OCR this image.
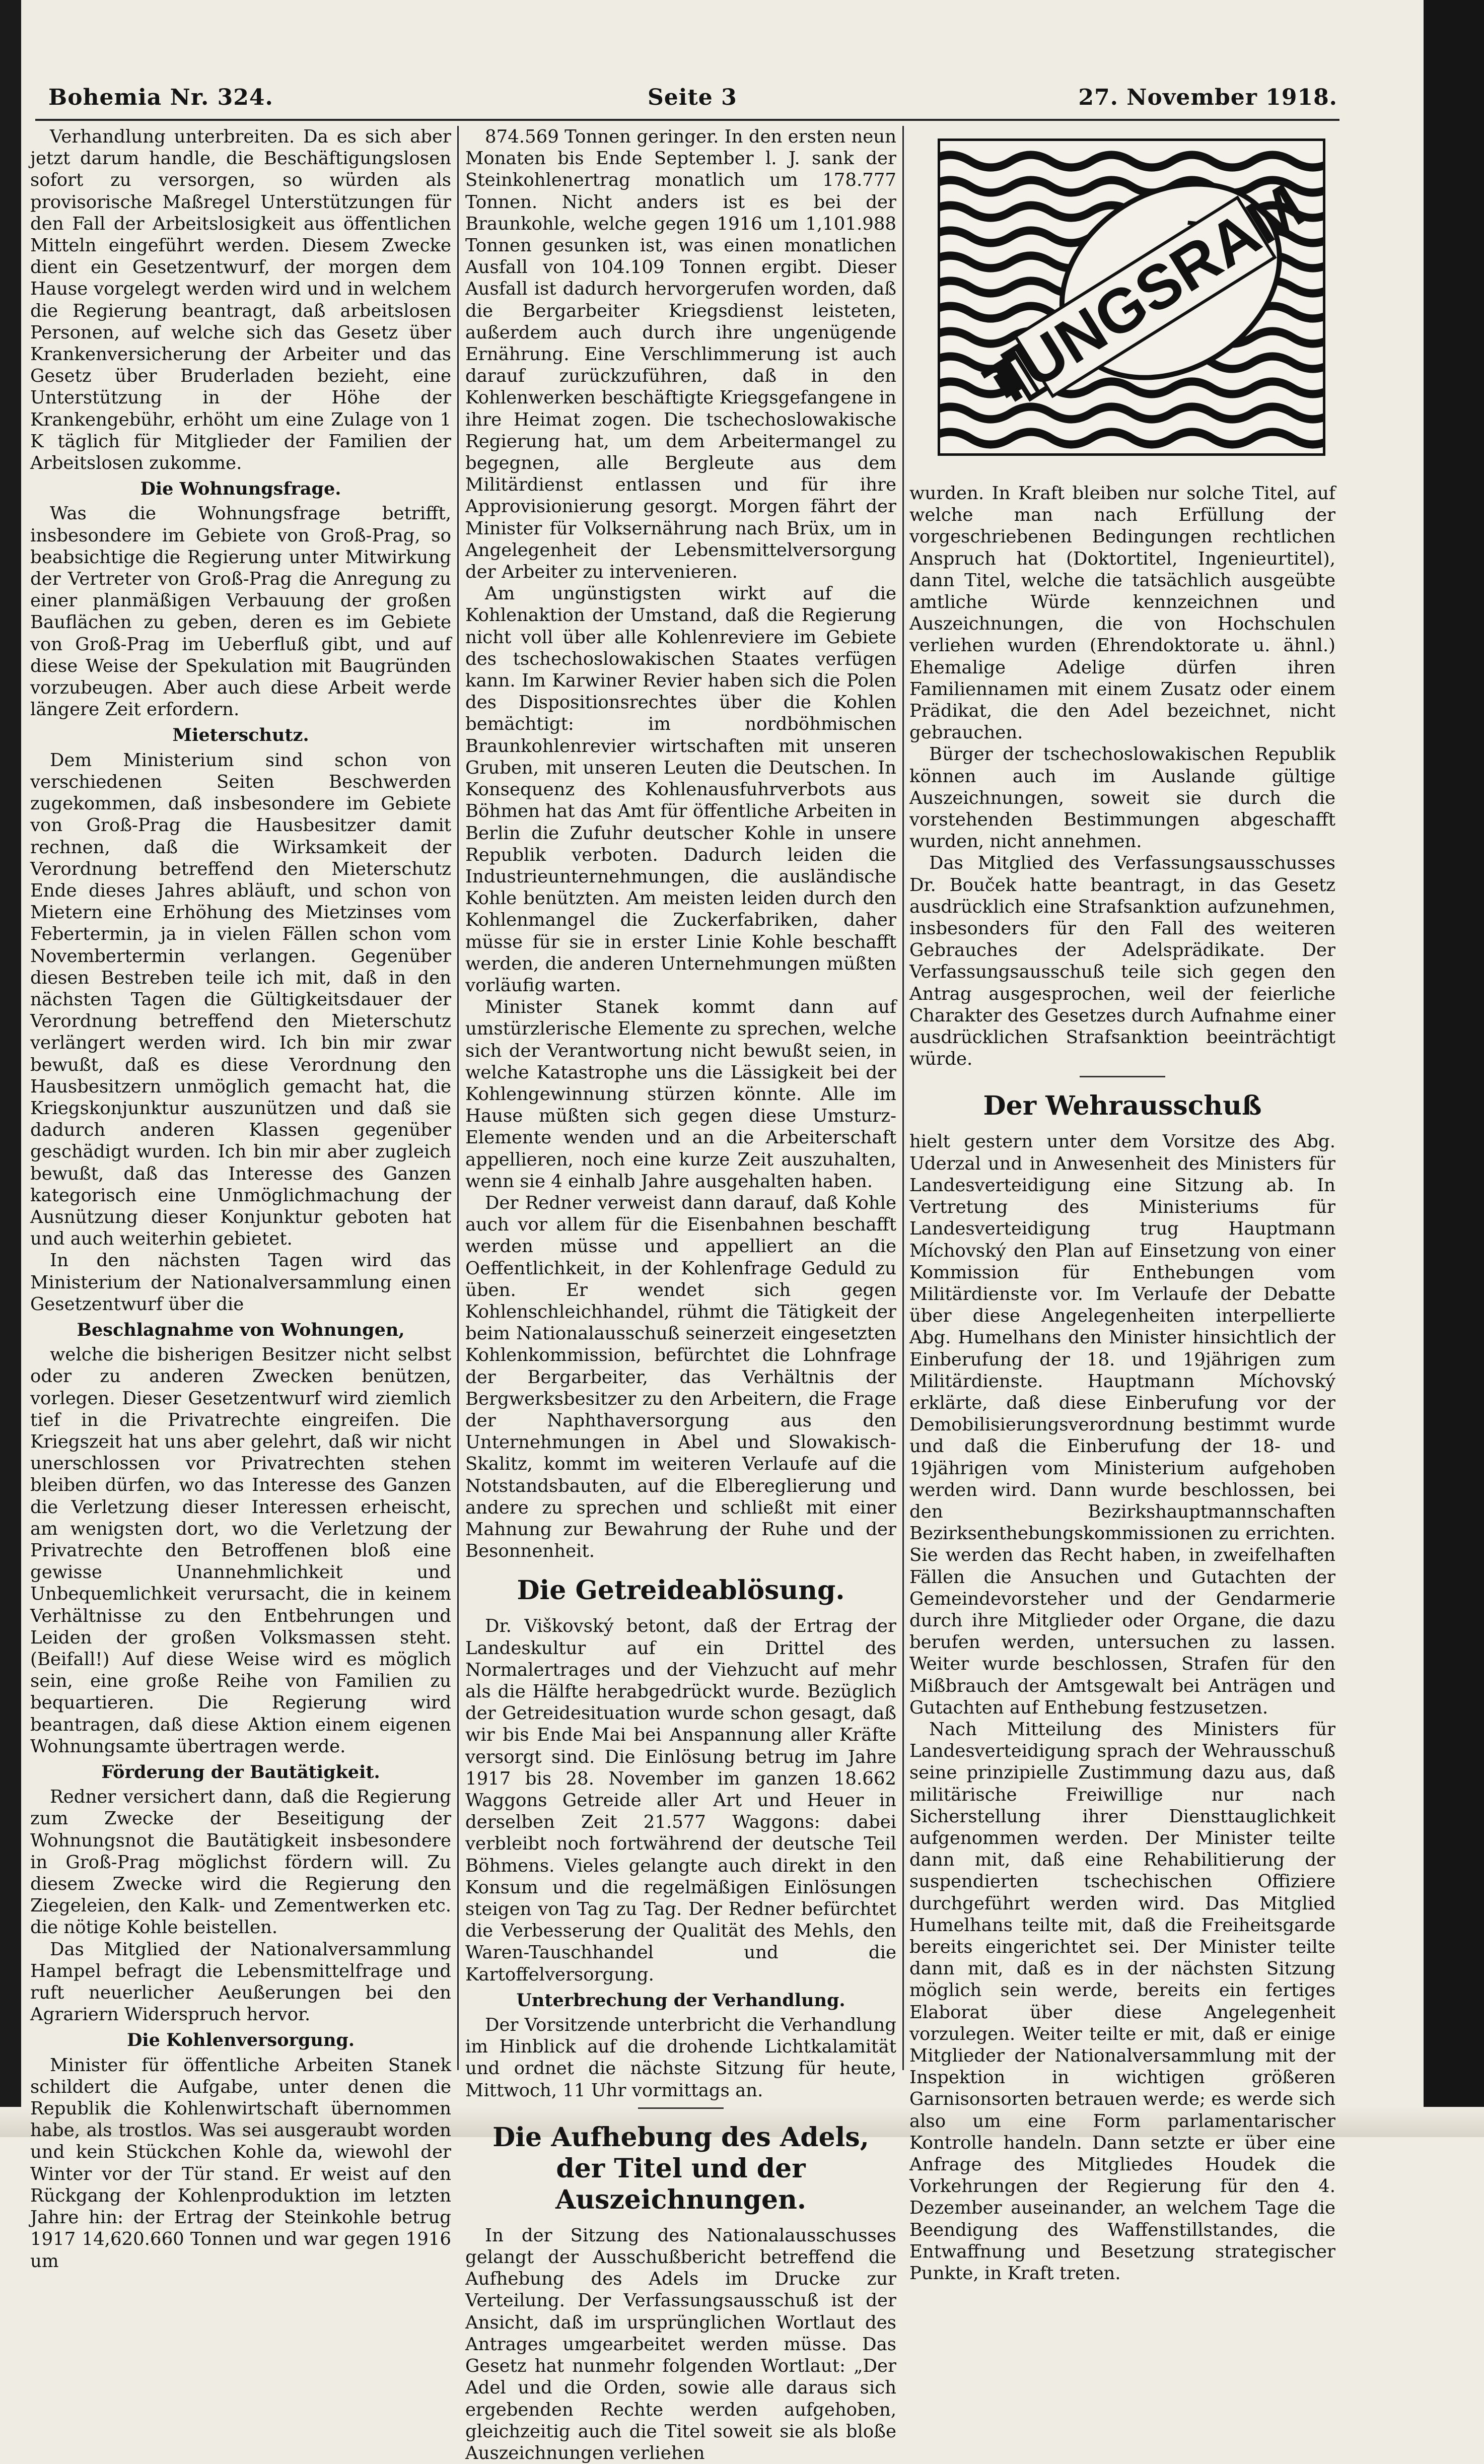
Bohemia Nr. 324.	Seite 3	27. November 1918.

Verhandlung unterbreiten. Da es sich aber jetzt darum handle, die Beschäftigungslosen sofort zu versorgen, so würden als provisorische Maßregel Unterstützungen für den Fall der Arbeitslosigkeit aus öffentlichen Mitteln eingeführt werden. Diesem Zwecke dient ein Gesetzentwurf, der morgen dem Hause vorgelegt werden wird und in welchem die Regierung beantragt, daß arbeitslosen Personen, auf welche sich das Gesetz über Krankenversicherung der Arbeiter und das Gesetz über Bruderladen bezieht, eine Unterstützung in der Höhe der Krankengebühr, erhöht um eine Zulage von 1 K täglich für Mitglieder der Familien der Arbeitslosen zukomme.

Die Wohnungsfrage.

Was die Wohnungsfrage betrifft, insbesondere im Gebiete von Groß-Prag, so beabsichtige die Regierung unter Mitwirkung der Vertreter von Groß-Prag die Anregung zu einer planmäßigen Verbauung der großen Bauflächen zu geben, deren es im Gebiete von Groß-Prag im Ueberfluß gibt, und auf diese Weise der Spekulation mit Baugründen vorzubeugen. Aber auch diese Arbeit werde längere Zeit erfordern.

Mieterschutz.

Dem Ministerium sind schon von verschiedenen Seiten Beschwerden zugekommen, daß insbesondere im Gebiete von Groß-Prag die Hausbesitzer damit rechnen, daß die Wirksamkeit der Verordnung betreffend den Mieterschutz Ende dieses Jahres abläuft, und schon von Mietern eine Erhöhung des Mietzinses vom Febertermin, ja in vielen Fällen schon vom Novembertermin verlangen. Gegenüber diesen Bestreben teile ich mit, daß in den nächsten Tagen die Gültigkeitsdauer der Verordnung betreffend den Mieterschutz verlängert werden wird. Ich bin mir zwar bewußt, daß es diese Verordnung den Hausbesitzern unmöglich gemacht hat, die Kriegskonjunktur auszunützen und daß sie dadurch anderen Klassen gegenüber geschädigt wurden. Ich bin mir aber zugleich bewußt, daß das Interesse des Ganzen kategorisch eine Unmöglichmachung der Ausnützung dieser Konjunktur geboten hat und auch weiterhin gebietet.

In den nächsten Tagen wird das Ministerium der Nationalversammlung einen Gesetzentwurf über die

Beschlagnahme von Wohnungen,

welche die bisherigen Besitzer nicht selbst oder zu anderen Zwecken benützen, vorlegen. Dieser Gesetzentwurf wird ziemlich tief in die Privatrechte eingreifen. Die Kriegszeit hat uns aber gelehrt, daß wir nicht unerschlossen vor Privatrechten stehen bleiben dürfen, wo das Interesse des Ganzen die Verletzung dieser Interessen erheischt, am wenigsten dort, wo die Verletzung der Privatrechte den Betroffenen bloß eine gewisse Unannehmlichkeit und Unbequemlichkeit verursacht, die in keinem Verhältnisse zu den Entbehrungen und Leiden der großen Volksmassen steht. (Beifall!) Auf diese Weise wird es möglich sein, eine große Reihe von Familien zu bequartieren. Die Regierung wird beantragen, daß diese Aktion einem eigenen Wohnungsamte übertragen werde.

Förderung der Bautätigkeit.

Redner versichert dann, daß die Regierung zum Zwecke der Beseitigung der Wohnungsnot die Bautätigkeit insbesondere in Groß-Prag möglichst fördern will. Zu diesem Zwecke wird die Regierung den Ziegeleien, den Kalk- und Zementwerken etc. die nötige Kohle beistellen.

Das Mitglied der Nationalversammlung Hampel befragt die Lebensmittelfrage und ruft neuerlicher Aeußerungen bei den Agrariern Widerspruch hervor.

Die Kohlenversorgung.

Minister für öffentliche Arbeiten Stanek schildert die Aufgabe, unter denen die Republik die Kohlenwirtschaft übernommen habe, als trostlos. Was sei ausgeraubt worden und kein Stückchen Kohle da, wiewohl der Winter vor der Tür stand. Er weist auf den Rückgang der Kohlenproduktion im letzten Jahre hin: der Ertrag der Steinkohle betrug 1917 14,620.660 Tonnen und war gegen 1916 um

874.569 Tonnen geringer. In den ersten neun Monaten bis Ende September l. J. sank der Steinkohlenertrag monatlich um 178.777 Tonnen. Nicht anders ist es bei der Braunkohle, welche gegen 1916 um 1,101.988 Tonnen gesunken ist, was einen monatlichen Ausfall von 104.109 Tonnen ergibt. Dieser Ausfall ist dadurch hervorgerufen worden, daß die Bergarbeiter Kriegsdienst leisteten, außerdem auch durch ihre ungenügende Ernährung. Eine Verschlimmerung ist auch darauf zurückzuführen, daß in den Kohlenwerken beschäftigte Kriegsgefangene in ihre Heimat zogen. Die tschechoslowakische Regierung hat, um dem Arbeitermangel zu begegnen, alle Bergleute aus dem Militärdienst entlassen und für ihre Approvisionierung gesorgt. Morgen fährt der Minister für Volksernährung nach Brüx, um in Angelegenheit der Lebensmittelversorgung der Arbeiter zu intervenieren.

Am ungünstigsten wirkt auf die Kohlenaktion der Umstand, daß die Regierung nicht voll über alle Kohlenreviere im Gebiete des tschechoslowakischen Staates verfügen kann. Im Karwiner Revier haben sich die Polen des Dispositionsrechtes über die Kohlen bemächtigt: im nordböhmischen Braunkohlenrevier wirtschaften mit unseren Gruben, mit unseren Leuten die Deutschen. In Konsequenz des Kohlenausfuhrverbots aus Böhmen hat das Amt für öffentliche Arbeiten in Berlin die Zufuhr deutscher Kohle in unsere Republik verboten. Dadurch leiden die Industrieunternehmungen, die ausländische Kohle benützten. Am meisten leiden durch den Kohlenmangel die Zuckerfabriken, daher müsse für sie in erster Linie Kohle beschafft werden, die anderen Unternehmungen müßten vorläufig warten.

Minister Stanek kommt dann auf umstürzlerische Elemente zu sprechen, welche sich der Verantwortung nicht bewußt seien, in welche Katastrophe uns die Lässigkeit bei der Kohlengewinnung stürzen könnte. Alle im Hause müßten sich gegen diese Umsturz-Elemente wenden und an die Arbeiterschaft appellieren, noch eine kurze Zeit auszuhalten, wenn sie 4 einhalb Jahre ausgehalten haben.

Der Redner verweist dann darauf, daß Kohle auch vor allem für die Eisenbahnen beschafft werden müsse und appelliert an die Oeffentlichkeit, in der Kohlenfrage Geduld zu üben. Er wendet sich gegen Kohlenschleichhandel, rühmt die Tätigkeit der beim Nationalausschuß seinerzeit eingesetzten Kohlenkommission, befürchtet die Lohnfrage der Bergarbeiter, das Verhältnis der Bergwerksbesitzer zu den Arbeitern, die Frage der Naphthaversorgung aus den Unternehmungen in Abel und Slowakisch-Skalitz, kommt im weiteren Verlaufe auf die Notstandsbauten, auf die Elbereglierung und andere zu sprechen und schließt mit einer Mahnung zur Bewahrung der Ruhe und der Besonnenheit.

Die Getreideablösung.

Dr. Viškovský betont, daß der Ertrag der Landeskultur auf ein Drittel des Normalertrages und der Viehzucht auf mehr als die Hälfte herabgedrückt wurde. Bezüglich der Getreidesituation wurde schon gesagt, daß wir bis Ende Mai bei Anspannung aller Kräfte versorgt sind. Die Einlösung betrug im Jahre 1917 bis 28. November im ganzen 18.662 Waggons Getreide aller Art und Heuer in derselben Zeit 21.577 Waggons: dabei verbleibt noch fortwährend der deutsche Teil Böhmens. Vieles gelangte auch direkt in den Konsum und die regelmäßigen Einlösungen steigen von Tag zu Tag. Der Redner befürchtet die Verbesserung der Qualität des Mehls, den Waren-Tauschhandel und die Kartoffelversorgung.

Unterbrechung der Verhandlung.

Der Vorsitzende unterbricht die Verhandlung im Hinblick auf die drohende Lichtkalamität und ordnet die nächste Sitzung für heute, Mittwoch, 11 Uhr vormittags an.

Die Aufhebung des Adels, der Titel und der Auszeichnungen.

In der Sitzung des Nationalausschusses gelangt der Ausschußbericht betreffend die Aufhebung des Adels im Drucke zur Verteilung. Der Verfassungsausschuß ist der Ansicht, daß im ursprünglichen Wortlaut des Antrages umgearbeitet werden müsse. Das Gesetz hat nunmehr folgenden Wortlaut: „Der Adel und die Orden, sowie alle daraus sich ergebenden Rechte werden aufgehoben, gleichzeitig auch die Titel soweit sie als bloße Auszeichnungen verliehen

TUNGSRAM

wurden. In Kraft bleiben nur solche Titel, auf welche man nach Erfüllung der vorgeschriebenen Bedingungen rechtlichen Anspruch hat (Doktortitel, Ingenieurtitel), dann Titel, welche die tatsächlich ausgeübte amtliche Würde kennzeichnen und Auszeichnungen, die von Hochschulen verliehen wurden (Ehrendoktorate u. ähnl.) Ehemalige Adelige dürfen ihren Familiennamen mit einem Zusatz oder einem Prädikat, die den Adel bezeichnet, nicht gebrauchen.

Bürger der tschechoslowakischen Republik können auch im Auslande gültige Auszeichnungen, soweit sie durch die vorstehenden Bestimmungen abgeschafft wurden, nicht annehmen.

Das Mitglied des Verfassungsausschusses Dr. Bouček hatte beantragt, in das Gesetz ausdrücklich eine Strafsanktion aufzunehmen, insbesonders für den Fall des weiteren Gebrauches der Adelsprädikate. Der Verfassungsausschuß teile sich gegen den Antrag ausgesprochen, weil der feierliche Charakter des Gesetzes durch Aufnahme einer ausdrücklichen Strafsanktion beeinträchtigt würde.

Der Wehrausschuß

hielt gestern unter dem Vorsitze des Abg. Uderzal und in Anwesenheit des Ministers für Landesverteidigung eine Sitzung ab. In Vertretung des Ministeriums für Landesverteidigung trug Hauptmann Míchovský den Plan auf Einsetzung von einer Kommission für Enthebungen vom Militärdienste vor. Im Verlaufe der Debatte über diese Angelegenheiten interpellierte Abg. Humelhans den Minister hinsichtlich der Einberufung der 18. und 19jährigen zum Militärdienste. Hauptmann Míchovský erklärte, daß diese Einberufung vor der Demobilisierungsverordnung bestimmt wurde und daß die Einberufung der 18- und 19jährigen vom Ministerium aufgehoben werden wird. Dann wurde beschlossen, bei den Bezirkshauptmannschaften Bezirksenthebungskommissionen zu errichten. Sie werden das Recht haben, in zweifelhaften Fällen die Ansuchen und Gutachten der Gemeindevorsteher und der Gendarmerie durch ihre Mitglieder oder Organe, die dazu berufen werden, untersuchen zu lassen. Weiter wurde beschlossen, Strafen für den Mißbrauch der Amtsgewalt bei Anträgen und Gutachten auf Enthebung festzusetzen.

Nach Mitteilung des Ministers für Landesverteidigung sprach der Wehrausschuß seine prinzipielle Zustimmung dazu aus, daß militärische Freiwillige nur nach Sicherstellung ihrer Diensttauglichkeit aufgenommen werden. Der Minister teilte dann mit, daß eine Rehabilitierung der suspendierten tschechischen Offiziere durchgeführt werden wird. Das Mitglied Humelhans teilte mit, daß die Freiheitsgarde bereits eingerichtet sei. Der Minister teilte dann mit, daß es in der nächsten Sitzung möglich sein werde, bereits ein fertiges Elaborat über diese Angelegenheit vorzulegen. Weiter teilte er mit, daß er einige Mitglieder der Nationalversammlung mit der Inspektion in wichtigen größeren Garnisonsorten betrauen werde; es werde sich also um eine Form parlamentarischer Kontrolle handeln. Dann setzte er über eine Anfrage des Mitgliedes Houdek die Vorkehrungen der Regierung für den 4. Dezember auseinander, an welchem Tage die Beendigung des Waffenstillstandes, die Entwaffnung und Besetzung strategischer Punkte, in Kraft treten.
